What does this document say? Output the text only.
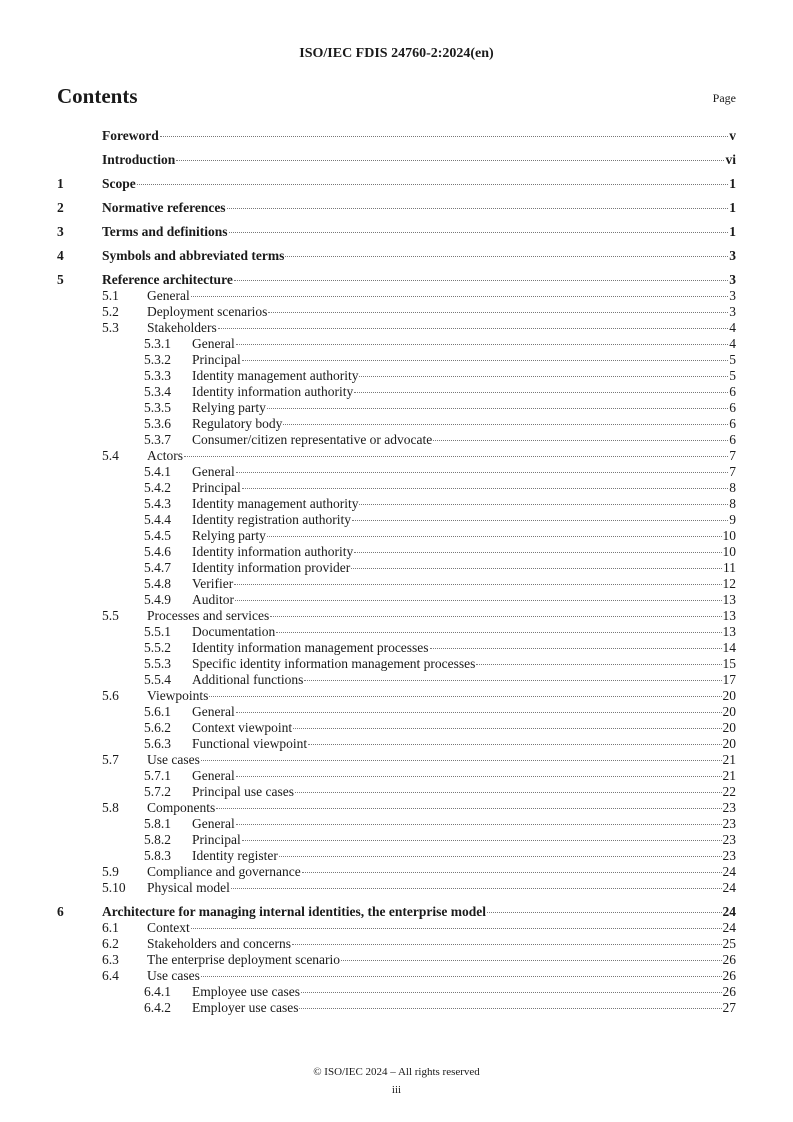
ISO/IEC FDIS 24760-2:2024(en)
Contents	Page
Foreword	v
Introduction	vi
1	Scope	1
2	Normative references	1
3	Terms and definitions	1
4	Symbols and abbreviated terms	3
5	Reference architecture	3
5.1	General	3
5.2	Deployment scenarios	3
5.3	Stakeholders	4
5.3.1	General	4
5.3.2	Principal	5
5.3.3	Identity management authority	5
5.3.4	Identity information authority	6
5.3.5	Relying party	6
5.3.6	Regulatory body	6
5.3.7	Consumer/citizen representative or advocate	6
5.4	Actors	7
5.4.1	General	7
5.4.2	Principal	8
5.4.3	Identity management authority	8
5.4.4	Identity registration authority	9
5.4.5	Relying party	10
5.4.6	Identity information authority	10
5.4.7	Identity information provider	11
5.4.8	Verifier	12
5.4.9	Auditor	13
5.5	Processes and services	13
5.5.1	Documentation	13
5.5.2	Identity information management processes	14
5.5.3	Specific identity information management processes	15
5.5.4	Additional functions	17
5.6	Viewpoints	20
5.6.1	General	20
5.6.2	Context viewpoint	20
5.6.3	Functional viewpoint	20
5.7	Use cases	21
5.7.1	General	21
5.7.2	Principal use cases	22
5.8	Components	23
5.8.1	General	23
5.8.2	Principal	23
5.8.3	Identity register	23
5.9	Compliance and governance	24
5.10	Physical model	24
6	Architecture for managing internal identities, the enterprise model	24
6.1	Context	24
6.2	Stakeholders and concerns	25
6.3	The enterprise deployment scenario	26
6.4	Use cases	26
6.4.1	Employee use cases	26
6.4.2	Employer use cases	27
© ISO/IEC 2024 – All rights reserved
iii
